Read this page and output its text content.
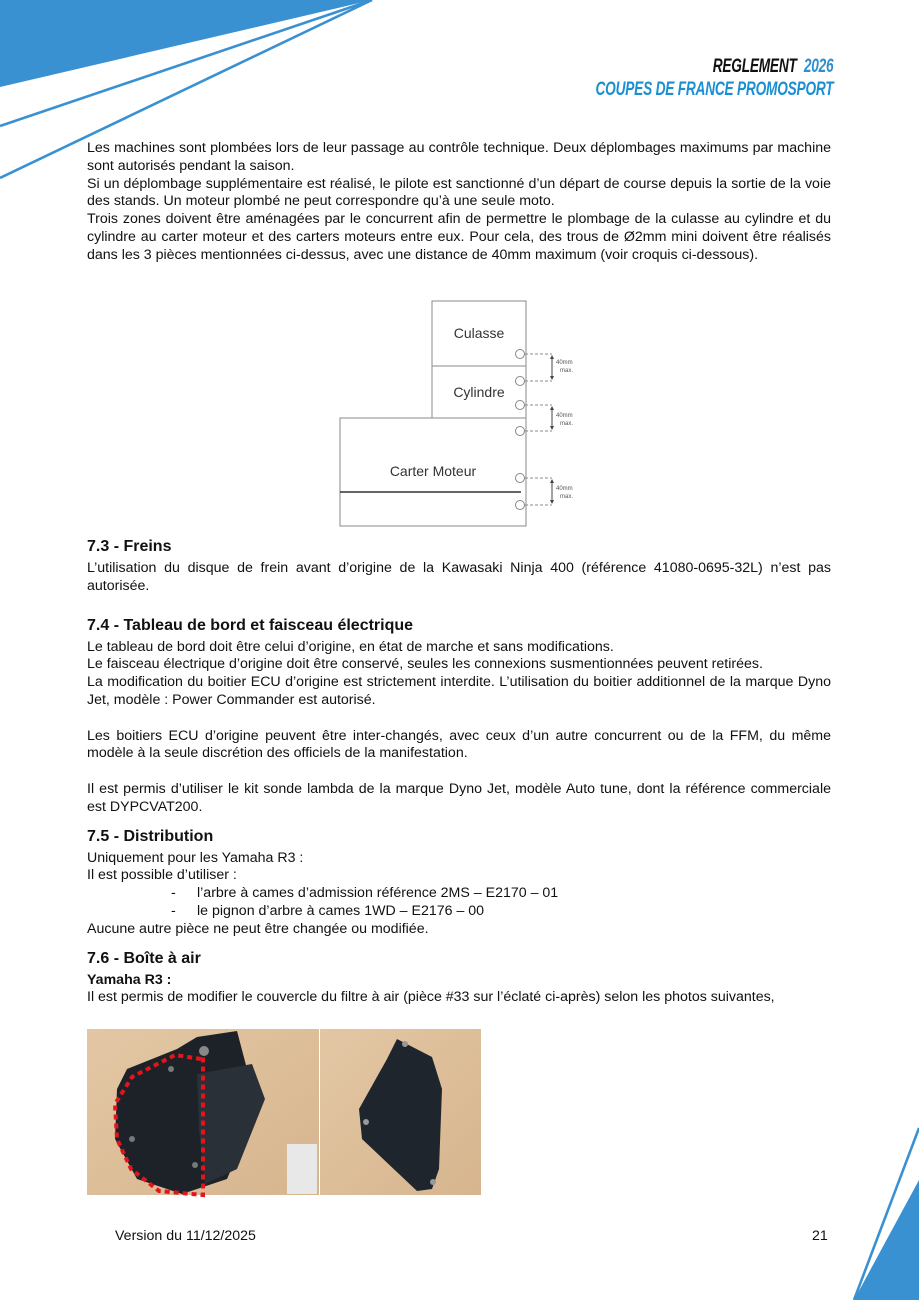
REGLEMENT 2026
COUPES DE FRANCE PROMOSPORT

Les machines sont plombées lors de leur passage au contrôle technique. Deux déplombages maximums par machine sont autorisés pendant la saison.

Si un déplombage supplémentaire est réalisé, le pilote est sanctionné d’un départ de course depuis la sortie de la voie des stands. Un moteur plombé ne peut correspondre qu’à une seule moto.

Trois zones doivent être aménagées par le concurrent afin de permettre le plombage de la culasse au cylindre et du cylindre au carter moteur et des carters moteurs entre eux. Pour cela, des trous de Ø2mm mini doivent être réalisés dans les 3 pièces mentionnées ci-dessus, avec une distance de 40mm maximum (voir croquis ci-dessous).

Culasse
Cylindre
Carter Moteur
40mm
max.
40mm
max.
40mm
max.
7.3 - Freins

L’utilisation du disque de frein avant d’origine de la Kawasaki Ninja 400 (référence 41080-0695-32L) n’est pas autorisée.

7.4 - Tableau de bord et faisceau électrique

Le tableau de bord doit être celui d’origine, en état de marche et sans modifications.

Le faisceau électrique d’origine doit être conservé, seules les connexions susmentionnées peuvent retirées.

La modification du boitier ECU d’origine est strictement interdite. L’utilisation du boitier additionnel de la marque Dyno Jet, modèle : Power Commander est autorisé.

Les boitiers ECU d’origine peuvent être inter-changés, avec ceux d’un autre concurrent ou de la FFM, du même modèle à la seule discrétion des officiels de la manifestation.

Il est permis d’utiliser le kit sonde lambda de la marque Dyno Jet, modèle Auto tune, dont la référence commerciale est DYPCVAT200.

7.5 - Distribution

Uniquement pour les Yamaha R3 :

Il est possible d’utiliser :

- l’arbre à cames d’admission référence 2MS – E2170 – 01
- le pignon d’arbre à cames 1WD – E2176 – 00

Aucune autre pièce ne peut être changée ou modifiée.

7.6 - Boîte à air
Yamaha R3 :

Il est permis de modifier le couvercle du filtre à air (pièce #33 sur l’éclaté ci-après) selon les photos suivantes,

Version du 11/12/2025	21
